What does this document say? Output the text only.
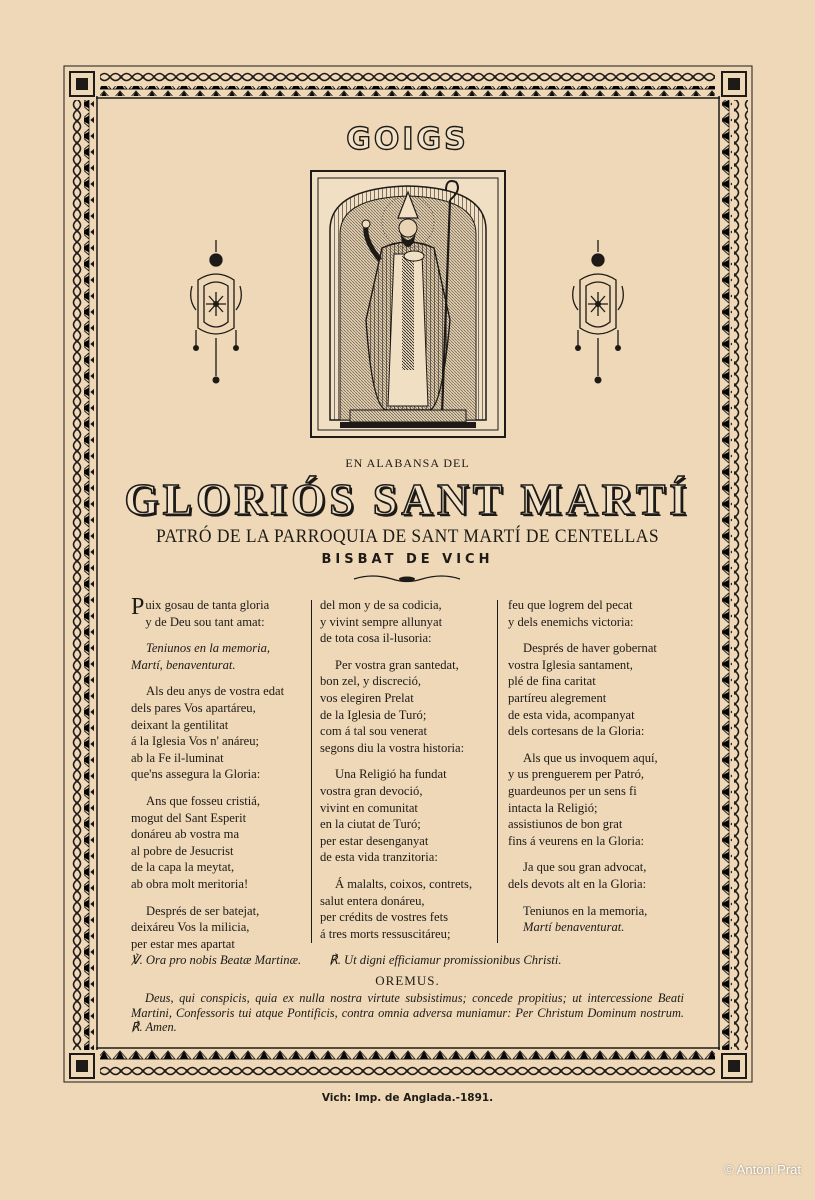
GOIGS
EN ALABANSA DEL
GLORIÓS SANT MARTÍ
PATRÓ DE LA PARROQUIA DE SANT MARTÍ DE CENTELLAS
BISBAT DE VICH

Puix gosau de tanta gloria

y de Deu sou tant amat:

Teniunos en la memoria,

Martí, benaventurat.

Als deu anys de vostra edat

dels pares Vos apartáreu,

deixant la gentilitat

á la Iglesia Vos n' anáreu;

ab la Fe il-luminat

que'ns assegura la Gloria:

Ans que fosseu cristiá,

mogut del Sant Esperit

donáreu ab vostra ma

al pobre de Jesucrist

de la capa la meytat,

ab obra molt meritoria!

Després de ser batejat,

deixáreu Vos la milicia,

per estar mes apartat

del mon y de sa codicia,

y vivint sempre allunyat

de tota cosa il-lusoria:

Per vostra gran santedat,

bon zel, y discreció,

vos elegiren Prelat

de la Iglesia de Turó;

com á tal sou venerat

segons diu la vostra historia:

Una Religió ha fundat

vostra gran devoció,

vivint en comunitat

en la ciutat de Turó;

per estar desenganyat

de esta vida tranzitoria:

Á malalts, coixos, contrets,

salut entera donáreu,

per crédits de vostres fets

á tres morts ressuscitáreu;

feu que logrem del pecat

y dels enemichs victoria:

Després de haver gobernat

vostra Iglesia santament,

plé de fina caritat

partíreu alegrement

de esta vida, acompanyat

dels cortesans de la Gloria:

Als que us invoquem aquí,

y us prenguerem per Patró,

guardeunos per un sens fi

intacta la Religió;

assistiunos de bon grat

fins á veurens en la Gloria:

Ja que sou gran advocat,

dels devots alt en la Gloria:

Teniunos en la memoria,

Martí benaventurat.

℣. Ora pro nobis Beatæ Martinæ. ℟. Ut digni efficiamur promissionibus Christi.
OREMUS.
Deus, qui conspicis, quia ex nulla nostra virtute subsistimus; concede propitius; ut intercessione Beati Martini, Confessoris tui atque Pontificis, contra omnia adversa muniamur: Per Christum Dominum nostrum. ℟. Amen.
Vich: Imp. de Anglada.-1891.
© Antoni Prat
